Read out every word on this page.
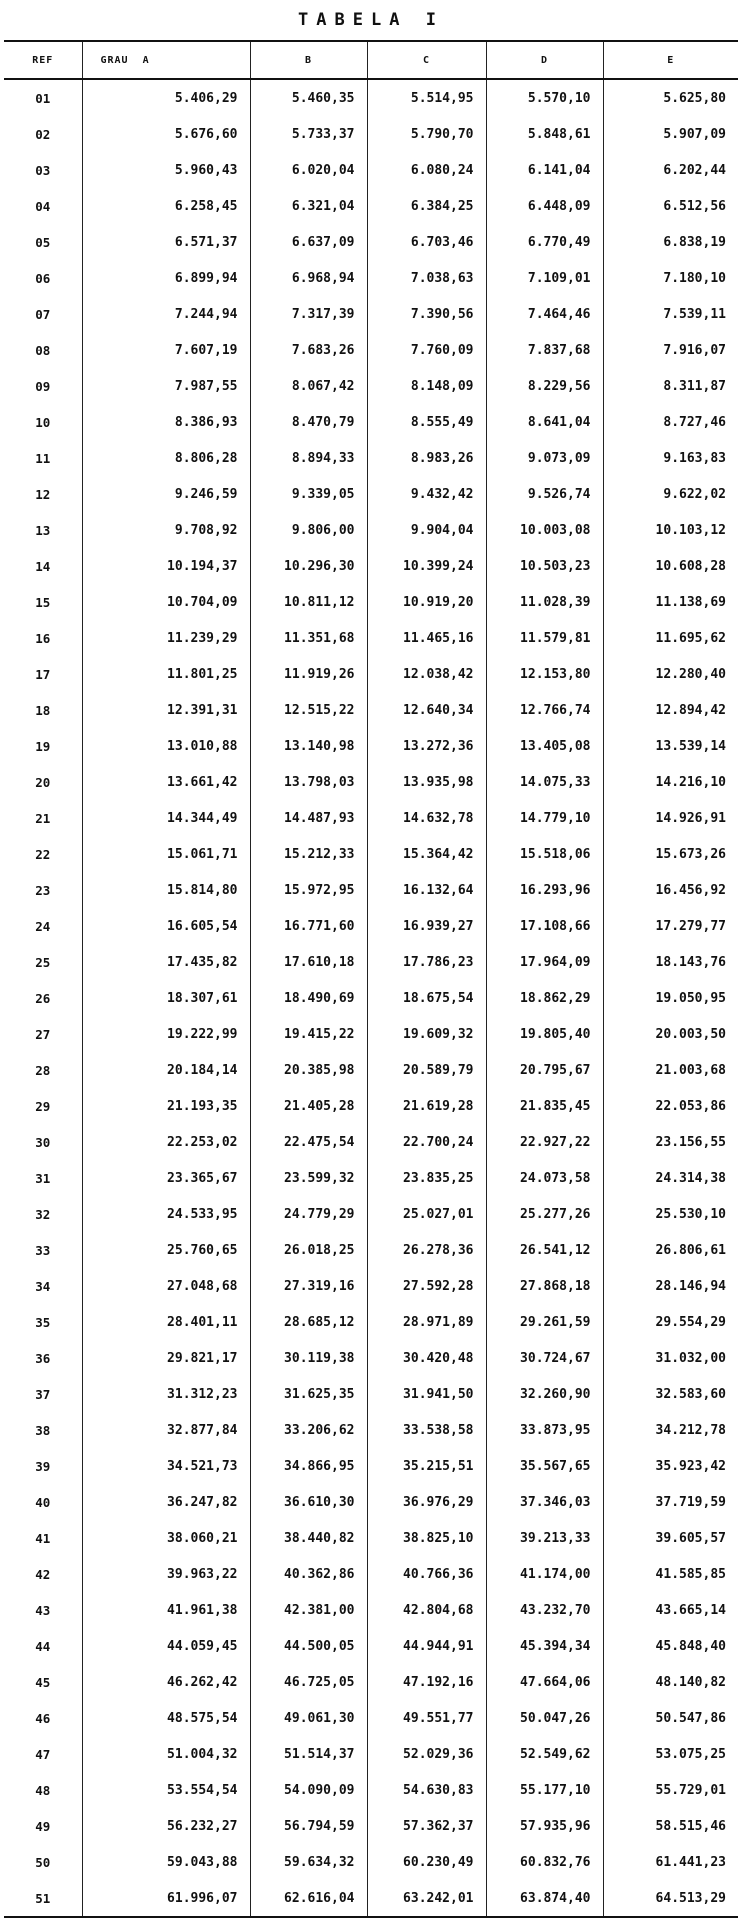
TABELA I
REF	GRAU  A	B	C	D	E
01	5.406,29	5.460,35	5.514,95	5.570,10	5.625,80
02	5.676,60	5.733,37	5.790,70	5.848,61	5.907,09
03	5.960,43	6.020,04	6.080,24	6.141,04	6.202,44
04	6.258,45	6.321,04	6.384,25	6.448,09	6.512,56
05	6.571,37	6.637,09	6.703,46	6.770,49	6.838,19
06	6.899,94	6.968,94	7.038,63	7.109,01	7.180,10
07	7.244,94	7.317,39	7.390,56	7.464,46	7.539,11
08	7.607,19	7.683,26	7.760,09	7.837,68	7.916,07
09	7.987,55	8.067,42	8.148,09	8.229,56	8.311,87
10	8.386,93	8.470,79	8.555,49	8.641,04	8.727,46
11	8.806,28	8.894,33	8.983,26	9.073,09	9.163,83
12	9.246,59	9.339,05	9.432,42	9.526,74	9.622,02
13	9.708,92	9.806,00	9.904,04	10.003,08	10.103,12
14	10.194,37	10.296,30	10.399,24	10.503,23	10.608,28
15	10.704,09	10.811,12	10.919,20	11.028,39	11.138,69
16	11.239,29	11.351,68	11.465,16	11.579,81	11.695,62
17	11.801,25	11.919,26	12.038,42	12.153,80	12.280,40
18	12.391,31	12.515,22	12.640,34	12.766,74	12.894,42
19	13.010,88	13.140,98	13.272,36	13.405,08	13.539,14
20	13.661,42	13.798,03	13.935,98	14.075,33	14.216,10
21	14.344,49	14.487,93	14.632,78	14.779,10	14.926,91
22	15.061,71	15.212,33	15.364,42	15.518,06	15.673,26
23	15.814,80	15.972,95	16.132,64	16.293,96	16.456,92
24	16.605,54	16.771,60	16.939,27	17.108,66	17.279,77
25	17.435,82	17.610,18	17.786,23	17.964,09	18.143,76
26	18.307,61	18.490,69	18.675,54	18.862,29	19.050,95
27	19.222,99	19.415,22	19.609,32	19.805,40	20.003,50
28	20.184,14	20.385,98	20.589,79	20.795,67	21.003,68
29	21.193,35	21.405,28	21.619,28	21.835,45	22.053,86
30	22.253,02	22.475,54	22.700,24	22.927,22	23.156,55
31	23.365,67	23.599,32	23.835,25	24.073,58	24.314,38
32	24.533,95	24.779,29	25.027,01	25.277,26	25.530,10
33	25.760,65	26.018,25	26.278,36	26.541,12	26.806,61
34	27.048,68	27.319,16	27.592,28	27.868,18	28.146,94
35	28.401,11	28.685,12	28.971,89	29.261,59	29.554,29
36	29.821,17	30.119,38	30.420,48	30.724,67	31.032,00
37	31.312,23	31.625,35	31.941,50	32.260,90	32.583,60
38	32.877,84	33.206,62	33.538,58	33.873,95	34.212,78
39	34.521,73	34.866,95	35.215,51	35.567,65	35.923,42
40	36.247,82	36.610,30	36.976,29	37.346,03	37.719,59
41	38.060,21	38.440,82	38.825,10	39.213,33	39.605,57
42	39.963,22	40.362,86	40.766,36	41.174,00	41.585,85
43	41.961,38	42.381,00	42.804,68	43.232,70	43.665,14
44	44.059,45	44.500,05	44.944,91	45.394,34	45.848,40
45	46.262,42	46.725,05	47.192,16	47.664,06	48.140,82
46	48.575,54	49.061,30	49.551,77	50.047,26	50.547,86
47	51.004,32	51.514,37	52.029,36	52.549,62	53.075,25
48	53.554,54	54.090,09	54.630,83	55.177,10	55.729,01
49	56.232,27	56.794,59	57.362,37	57.935,96	58.515,46
50	59.043,88	59.634,32	60.230,49	60.832,76	61.441,23
51	61.996,07	62.616,04	63.242,01	63.874,40	64.513,29
